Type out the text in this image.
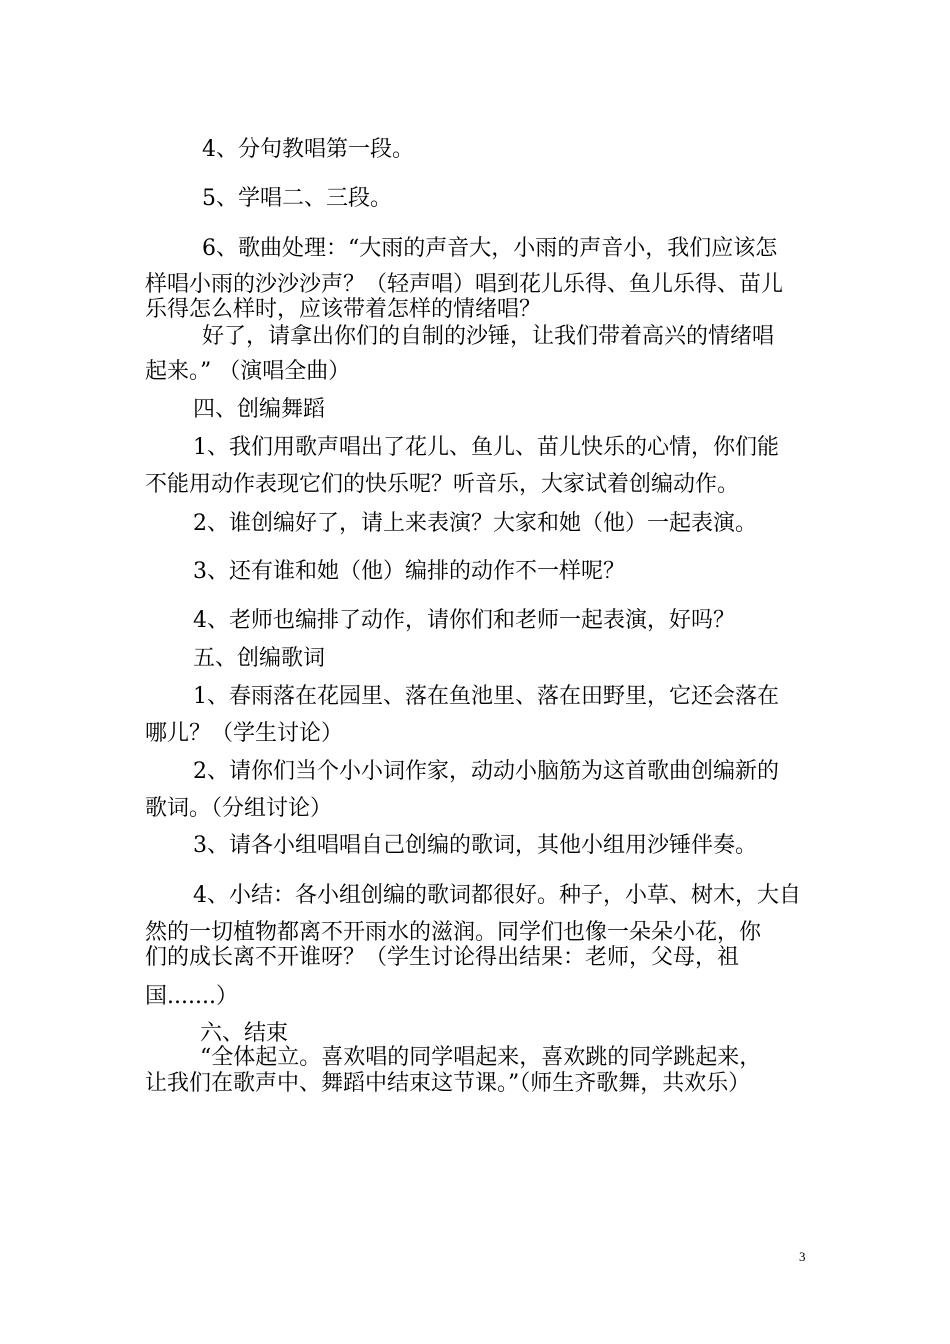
4、分句教唱第一段。
5、学唱二、三段。
6、歌曲处理：“大雨的声音大，小雨的声音小，我们应该怎
样唱小雨的沙沙沙声？（轻声唱）唱到花儿乐得、鱼儿乐得、苗儿
乐得怎么样时，应该带着怎样的情绪唱？
好了，请拿出你们的自制的沙锤，让我们带着高兴的情绪唱
起来。” （演唱全曲）
四、创编舞蹈
1、我们用歌声唱出了花儿、鱼儿、苗儿快乐的心情，你们能
不能用动作表现它们的快乐呢？听音乐，大家试着创编动作。
2、谁创编好了，请上来表演？大家和她（他）一起表演。
3、还有谁和她（他）编排的动作不一样呢？
4、老师也编排了动作，请你们和老师一起表演，好吗？
五、创编歌词
1、春雨落在花园里、落在鱼池里、落在田野里，它还会落在
哪儿？（学生讨论）
2、请你们当个小小词作家，动动小脑筋为这首歌曲创编新的
歌词。（分组讨论）
3、请各小组唱唱自己创编的歌词，其他小组用沙锤伴奏。
4、小结：各小组创编的歌词都很好。种子，小草、树木，大自
然的一切植物都离不开雨水的滋润。同学们也像一朵朵小花，你
们的成长离不开谁呀？（学生讨论得出结果：老师，父母，祖
国.......）
六、结束
“全体起立。喜欢唱的同学唱起来，喜欢跳的同学跳起来，
让我们在歌声中、舞蹈中结束这节课。”（师生齐歌舞，共欢乐）
3
